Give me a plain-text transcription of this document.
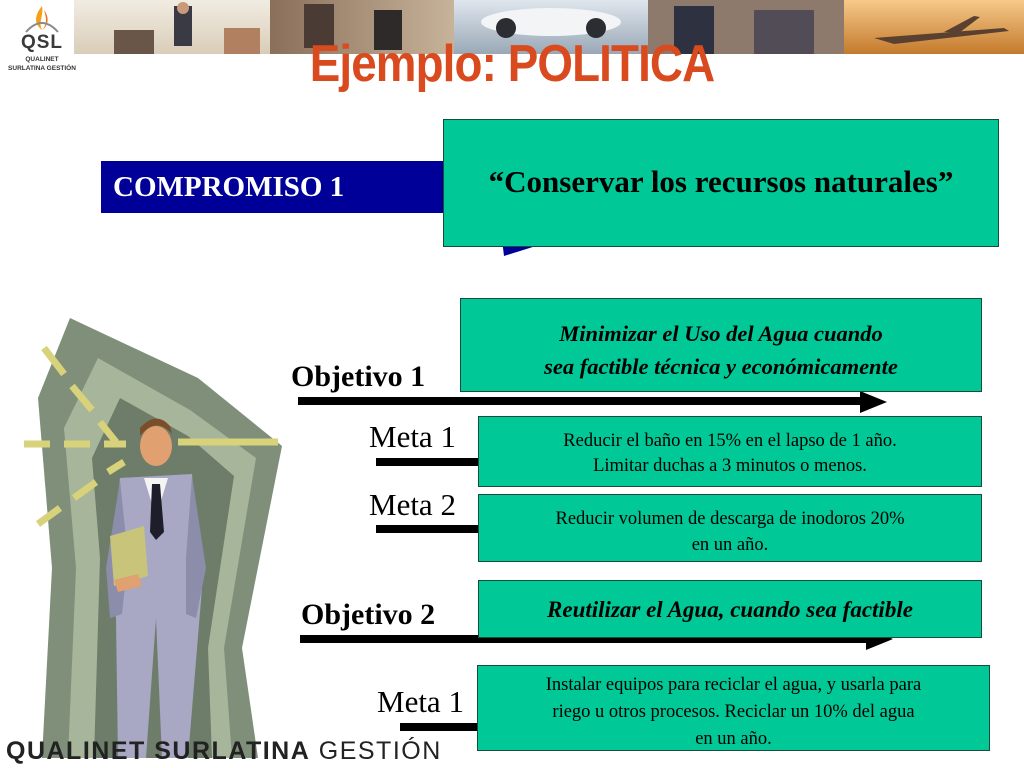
QSL
QUALINET
SURLATINA GESTIÓN	Ejemplo: POLITICA
COMPROMISO 1	“Conservar los recursos naturales”
Objetivo 1
Minimizar el Uso del Agua cuando
sea factible técnica y económicamente
Meta 1	Reducir el baño en 15% en el lapso de 1 año.
Limitar duchas a 3 minutos o menos.
Meta 2	Reducir volumen de descarga de inodoros 20%
en un año.
Objetivo 2	Reutilizar el Agua, cuando sea factible
Meta 1	Instalar equipos para reciclar el agua, y usarla para
riego u otros procesos. Reciclar un 10% del agua
en un año.
QUALINET SURLATINA GESTIÓN
